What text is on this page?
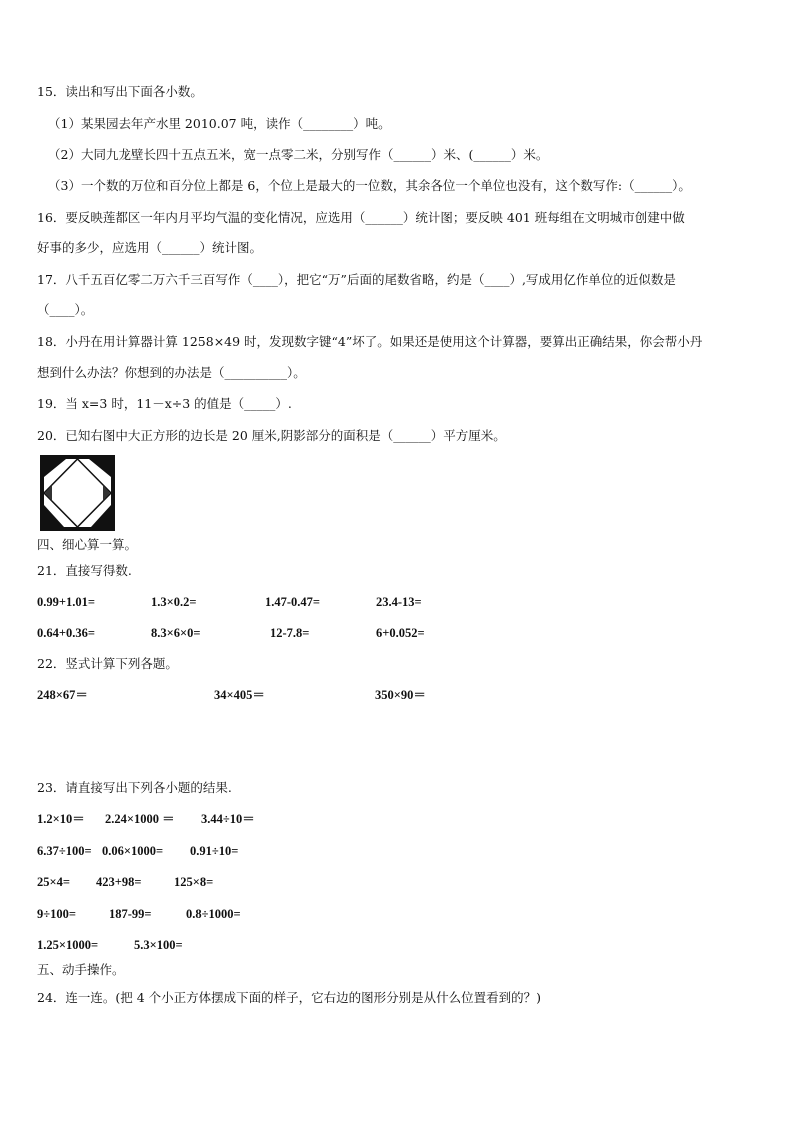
15．读出和写出下面各小数。
（1）某果园去年产水里 2010.07 吨，读作（________）吨。
（2）大同九龙壁长四十五点五米，宽一点零二米，分别写作（______）米、(______）米。
（3）一个数的万位和百分位上都是 6，个位上是最大的一位数，其余各位一个单位也没有，这个数写作:（______）。
16．要反映莲都区一年内月平均气温的变化情况，应选用（______）统计图；要反映 401 班每组在文明城市创建中做
好事的多少，应选用（______）统计图。
17．八千五百亿零二万六千三百写作（____），把它“万”后面的尾数省略，约是（____）,写成用亿作单位的近似数是
（____）。
18．小丹在用计算器计算 1258×49 时，发现数字键“4”坏了。如果还是使用这个计算器，要算出正确结果，你会帮小丹
想到什么办法？你想到的办法是（__________）。
19．当 x=3 时，11－x÷3 的值是（_____）.
20．已知右图中大正方形的边长是 20 厘米,阴影部分的面积是（______）平方厘米。
四、细心算一算。
21．直接写得数.
0.99+1.01=	1.3×0.2=	1.47-0.47=	23.4-13=
0.64+0.36=	8.3×6×0=	12-7.8=	6+0.052=
22．竖式计算下列各题。
248×67＝	34×405＝	350×90＝
23．请直接写出下列各小题的结果.
1.2×10＝ 2.24×1000 ＝ 3.44÷10＝
6.37÷100= 0.06×1000= 0.91÷10=
25×4= 423+98=	125×8=
9÷100=	187-99=	0.8÷1000=
1.25×1000=	5.3×100=
五、动手操作。
24．连一连。(把 4 个小正方体摆成下面的样子，它右边的图形分别是从什么位置看到的？)
